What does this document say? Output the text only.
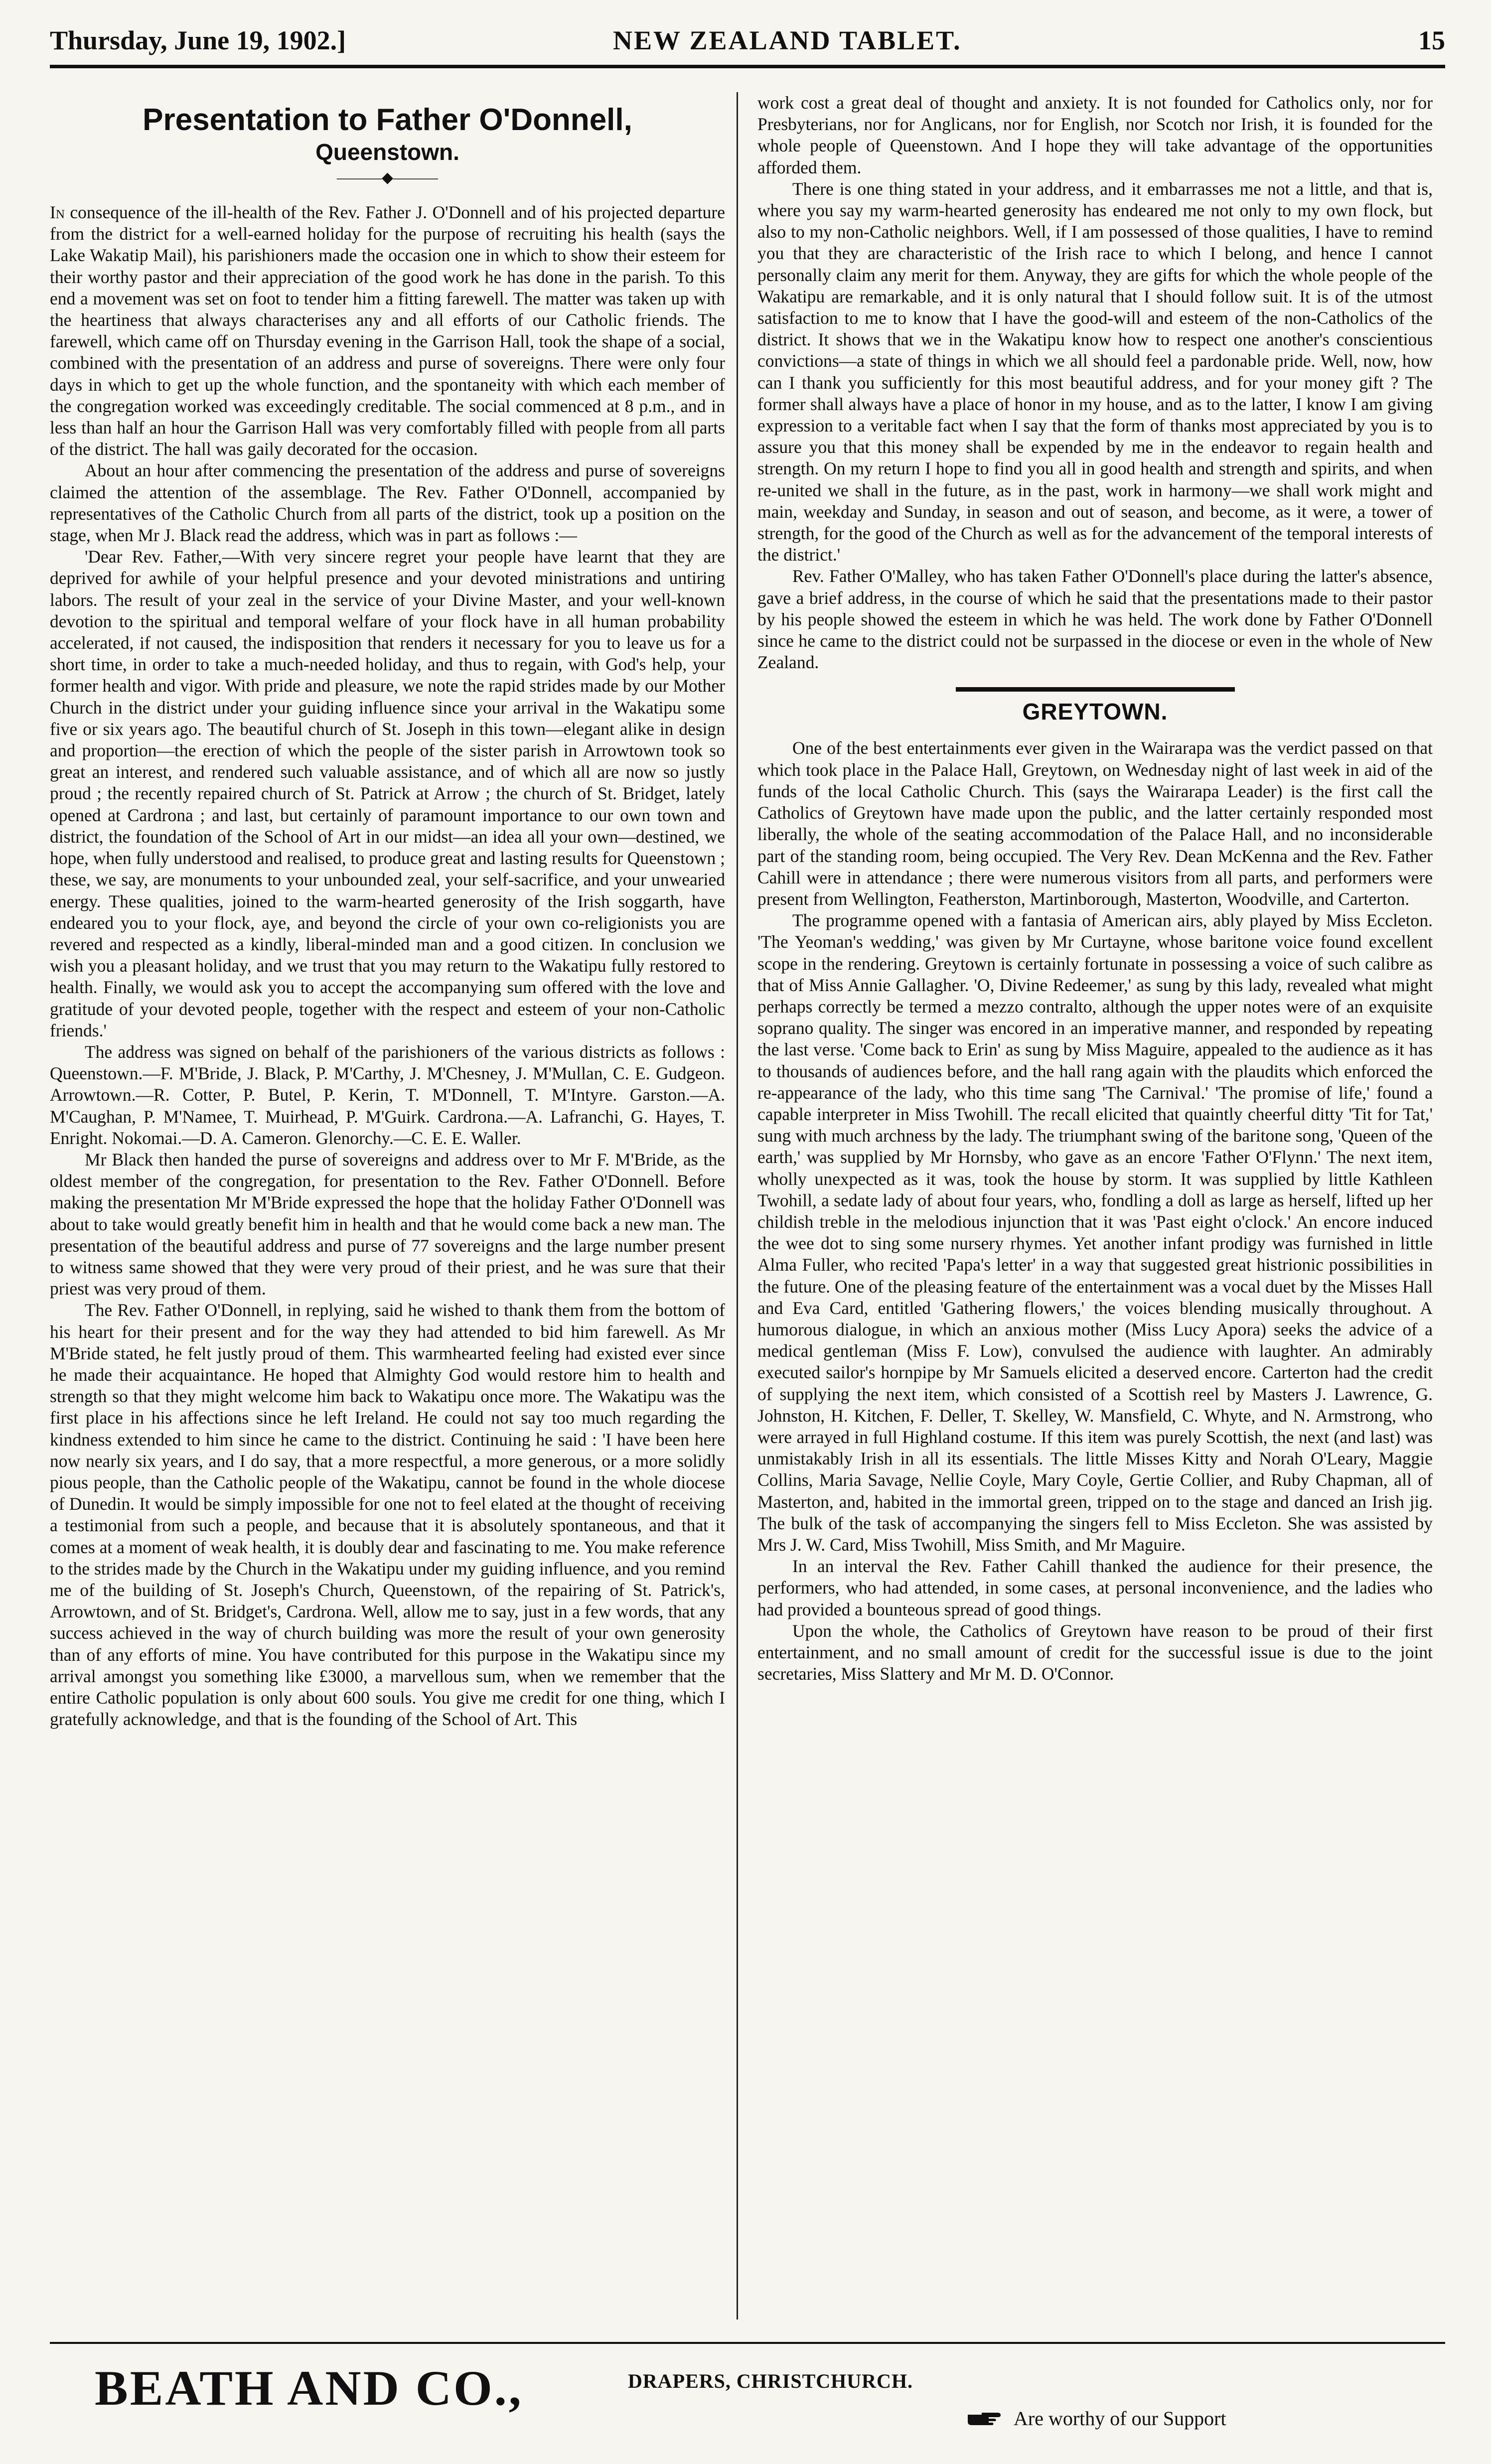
Thursday, June 19, 1902.]	NEW ZEALAND TABLET.	15
Presentation to Father O'Donnell,
Queenstown.
———◆———

In consequence of the ill-health of the Rev. Father J. O'Donnell and of his projected departure from the district for a well-earned holiday for the purpose of recruiting his health (says the Lake Wakatip Mail), his parishioners made the occasion one in which to show their esteem for their worthy pastor and their appreciation of the good work he has done in the parish. To this end a movement was set on foot to tender him a fitting farewell. The matter was taken up with the heartiness that always characterises any and all efforts of our Catholic friends. The farewell, which came off on Thursday evening in the Garrison Hall, took the shape of a social, combined with the presentation of an address and purse of sovereigns. There were only four days in which to get up the whole function, and the spontaneity with which each member of the congregation worked was exceedingly creditable. The social commenced at 8 p.m., and in less than half an hour the Garrison Hall was very comfortably filled with people from all parts of the district. The hall was gaily decorated for the occasion.

About an hour after commencing the presentation of the address and purse of sovereigns claimed the attention of the assemblage. The Rev. Father O'Donnell, accompanied by representatives of the Catholic Church from all parts of the district, took up a position on the stage, when Mr J. Black read the address, which was in part as follows :—

'Dear Rev. Father,—With very sincere regret your people have learnt that they are deprived for awhile of your helpful presence and your devoted ministrations and untiring labors. The result of your zeal in the service of your Divine Master, and your well-known devotion to the spiritual and temporal welfare of your flock have in all human probability accelerated, if not caused, the indisposition that renders it necessary for you to leave us for a short time, in order to take a much-needed holiday, and thus to regain, with God's help, your former health and vigor. With pride and pleasure, we note the rapid strides made by our Mother Church in the district under your guiding influence since your arrival in the Wakatipu some five or six years ago. The beautiful church of St. Joseph in this town—elegant alike in design and proportion—the erection of which the people of the sister parish in Arrowtown took so great an interest, and rendered such valuable assistance, and of which all are now so justly proud ; the recently repaired church of St. Patrick at Arrow ; the church of St. Bridget, lately opened at Cardrona ; and last, but certainly of paramount importance to our own town and district, the foundation of the School of Art in our midst—an idea all your own—destined, we hope, when fully understood and realised, to produce great and lasting results for Queenstown ; these, we say, are monuments to your unbounded zeal, your self-sacrifice, and your unwearied energy. These qualities, joined to the warm-hearted generosity of the Irish soggarth, have endeared you to your flock, aye, and beyond the circle of your own co-religionists you are revered and respected as a kindly, liberal-minded man and a good citizen. In conclusion we wish you a pleasant holiday, and we trust that you may return to the Wakatipu fully restored to health. Finally, we would ask you to accept the accompanying sum offered with the love and gratitude of your devoted people, together with the respect and esteem of your non-Catholic friends.'

The address was signed on behalf of the parishioners of the various districts as follows : Queenstown.—F. M'Bride, J. Black, P. M'Carthy, J. M'Chesney, J. M'Mullan, C. E. Gudgeon. Arrowtown.—R. Cotter, P. Butel, P. Kerin, T. M'Donnell, T. M'Intyre. Garston.—A. M'Caughan, P. M'Namee, T. Muirhead, P. M'Guirk. Cardrona.—A. Lafranchi, G. Hayes, T. Enright. Nokomai.—D. A. Cameron. Glenorchy.—C. E. E. Waller.

Mr Black then handed the purse of sovereigns and address over to Mr F. M'Bride, as the oldest member of the congregation, for presentation to the Rev. Father O'Donnell. Before making the presentation Mr M'Bride expressed the hope that the holiday Father O'Donnell was about to take would greatly benefit him in health and that he would come back a new man. The presentation of the beautiful address and purse of 77 sovereigns and the large number present to witness same showed that they were very proud of their priest, and he was sure that their priest was very proud of them.

The Rev. Father O'Donnell, in replying, said he wished to thank them from the bottom of his heart for their present and for the way they had attended to bid him farewell. As Mr M'Bride stated, he felt justly proud of them. This warmhearted feeling had existed ever since he made their acquaintance. He hoped that Almighty God would restore him to health and strength so that they might welcome him back to Wakatipu once more. The Wakatipu was the first place in his affections since he left Ireland. He could not say too much regarding the kindness extended to him since he came to the district. Continuing he said : 'I have been here now nearly six years, and I do say, that a more respectful, a more generous, or a more solidly pious people, than the Catholic people of the Wakatipu, cannot be found in the whole diocese of Dunedin. It would be simply impossible for one not to feel elated at the thought of receiving a testimonial from such a people, and because that it is absolutely spontaneous, and that it comes at a moment of weak health, it is doubly dear and fascinating to me. You make reference to the strides made by the Church in the Wakatipu under my guiding influence, and you remind me of the building of St. Joseph's Church, Queenstown, of the repairing of St. Patrick's, Arrowtown, and of St. Bridget's, Cardrona. Well, allow me to say, just in a few words, that any success achieved in the way of church building was more the result of your own generosity than of any efforts of mine. You have contributed for this purpose in the Wakatipu since my arrival amongst you something like £3000, a marvellous sum, when we remember that the entire Catholic population is only about 600 souls. You give me credit for one thing, which I gratefully acknowledge, and that is the founding of the School of Art. This

work cost a great deal of thought and anxiety. It is not founded for Catholics only, nor for Presbyterians, nor for Anglicans, nor for English, nor Scotch nor Irish, it is founded for the whole people of Queenstown. And I hope they will take advantage of the opportunities afforded them.

There is one thing stated in your address, and it embarrasses me not a little, and that is, where you say my warm-hearted generosity has endeared me not only to my own flock, but also to my non-Catholic neighbors. Well, if I am possessed of those qualities, I have to remind you that they are characteristic of the Irish race to which I belong, and hence I cannot personally claim any merit for them. Anyway, they are gifts for which the whole people of the Wakatipu are remarkable, and it is only natural that I should follow suit. It is of the utmost satisfaction to me to know that I have the good-will and esteem of the non-Catholics of the district. It shows that we in the Wakatipu know how to respect one another's conscientious convictions—a state of things in which we all should feel a pardonable pride. Well, now, how can I thank you sufficiently for this most beautiful address, and for your money gift ? The former shall always have a place of honor in my house, and as to the latter, I know I am giving expression to a veritable fact when I say that the form of thanks most appreciated by you is to assure you that this money shall be expended by me in the endeavor to regain health and strength. On my return I hope to find you all in good health and strength and spirits, and when re-united we shall in the future, as in the past, work in harmony—we shall work might and main, weekday and Sunday, in season and out of season, and become, as it were, a tower of strength, for the good of the Church as well as for the advancement of the temporal interests of the district.'

Rev. Father O'Malley, who has taken Father O'Donnell's place during the latter's absence, gave a brief address, in the course of which he said that the presentations made to their pastor by his people showed the esteem in which he was held. The work done by Father O'Donnell since he came to the district could not be surpassed in the diocese or even in the whole of New Zealand.

GREYTOWN.

One of the best entertainments ever given in the Wairarapa was the verdict passed on that which took place in the Palace Hall, Greytown, on Wednesday night of last week in aid of the funds of the local Catholic Church. This (says the Wairarapa Leader) is the first call the Catholics of Greytown have made upon the public, and the latter certainly responded most liberally, the whole of the seating accommodation of the Palace Hall, and no inconsiderable part of the standing room, being occupied. The Very Rev. Dean McKenna and the Rev. Father Cahill were in attendance ; there were numerous visitors from all parts, and performers were present from Wellington, Featherston, Martinborough, Masterton, Woodville, and Carterton.

The programme opened with a fantasia of American airs, ably played by Miss Eccleton. 'The Yeoman's wedding,' was given by Mr Curtayne, whose baritone voice found excellent scope in the rendering. Greytown is certainly fortunate in possessing a voice of such calibre as that of Miss Annie Gallagher. 'O, Divine Redeemer,' as sung by this lady, revealed what might perhaps correctly be termed a mezzo contralto, although the upper notes were of an exquisite soprano quality. The singer was encored in an imperative manner, and responded by repeating the last verse. 'Come back to Erin' as sung by Miss Maguire, appealed to the audience as it has to thousands of audiences before, and the hall rang again with the plaudits which enforced the re-appearance of the lady, who this time sang 'The Carnival.' 'The promise of life,' found a capable interpreter in Miss Twohill. The recall elicited that quaintly cheerful ditty 'Tit for Tat,' sung with much archness by the lady. The triumphant swing of the baritone song, 'Queen of the earth,' was supplied by Mr Hornsby, who gave as an encore 'Father O'Flynn.' The next item, wholly unexpected as it was, took the house by storm. It was supplied by little Kathleen Twohill, a sedate lady of about four years, who, fondling a doll as large as herself, lifted up her childish treble in the melodious injunction that it was 'Past eight o'clock.' An encore induced the wee dot to sing some nursery rhymes. Yet another infant prodigy was furnished in little Alma Fuller, who recited 'Papa's letter' in a way that suggested great histrionic possibilities in the future. One of the pleasing feature of the entertainment was a vocal duet by the Misses Hall and Eva Card, entitled 'Gathering flowers,' the voices blending musically throughout. A humorous dialogue, in which an anxious mother (Miss Lucy Apora) seeks the advice of a medical gentleman (Miss F. Low), convulsed the audience with laughter. An admirably executed sailor's hornpipe by Mr Samuels elicited a deserved encore. Carterton had the credit of supplying the next item, which consisted of a Scottish reel by Masters J. Lawrence, G. Johnston, H. Kitchen, F. Deller, T. Skelley, W. Mansfield, C. Whyte, and N. Armstrong, who were arrayed in full Highland costume. If this item was purely Scottish, the next (and last) was unmistakably Irish in all its essentials. The little Misses Kitty and Norah O'Leary, Maggie Collins, Maria Savage, Nellie Coyle, Mary Coyle, Gertie Collier, and Ruby Chapman, all of Masterton, and, habited in the immortal green, tripped on to the stage and danced an Irish jig. The bulk of the task of accompanying the singers fell to Miss Eccleton. She was assisted by Mrs J. W. Card, Miss Twohill, Miss Smith, and Mr Maguire.

In an interval the Rev. Father Cahill thanked the audience for their presence, the performers, who had attended, in some cases, at personal inconvenience, and the ladies who had provided a bounteous spread of good things.

Upon the whole, the Catholics of Greytown have reason to be proud of their first entertainment, and no small amount of credit for the successful issue is due to the joint secretaries, Miss Slattery and Mr M. D. O'Connor.

BEATH AND CO.,	DRAPERS, CHRISTCHURCH.
Are worthy of our Support
